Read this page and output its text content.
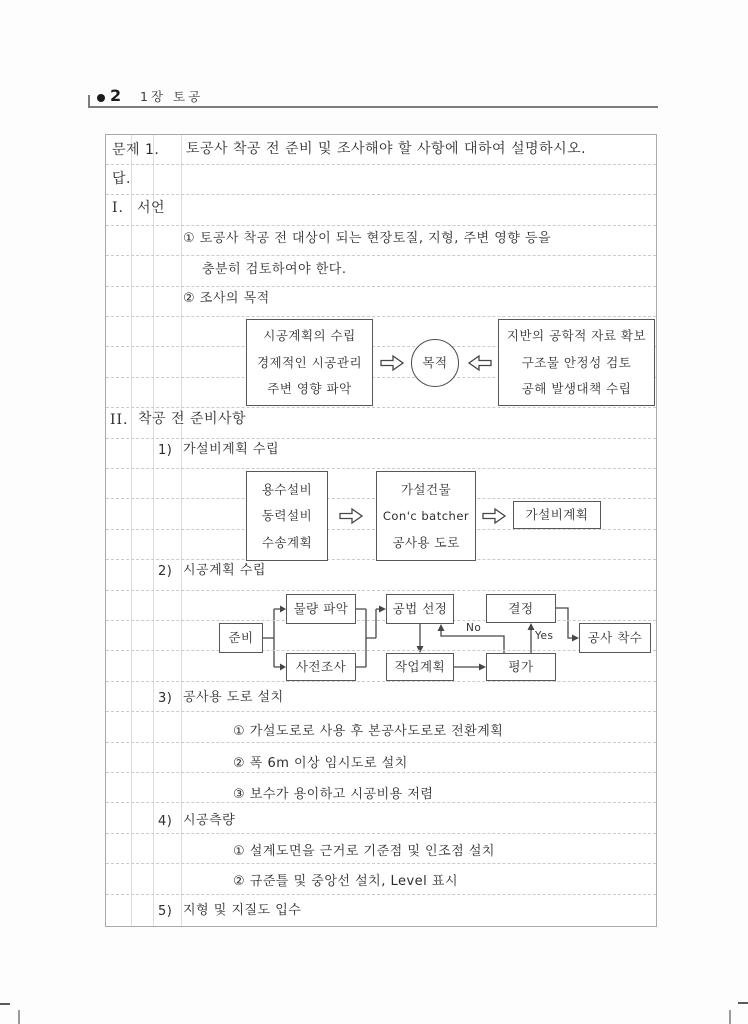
2 1장 토공
문제 1. 토공사 착공 전 준비 및 조사해야 할 사항에 대하여 설명하시오.
답.
I. 서언
① 토공사 착공 전 대상이 되는 현장토질, 지형, 주변 영향 등을
충분히 검토하여야 한다.
② 조사의 목적
시공계획의 수립
경제적인 시공관리
주변 영향 파악
목적
지반의 공학적 자료 확보
구조물 안정성 검토
공해 발생대책 수립
II. 착공 전 준비사항
1) 가설비계획 수립
용수설비
동력설비
수송계획
가설건물
Con'c batcher
공사용 도로
가설비계획
2) 시공계획 수립
준비
물량 파악
사전조사
공법 선정
작업계획
결정
평가
공사 착수
No
Yes
3) 공사용 도로 설치
① 가설도로로 사용 후 본공사도로로 전환계획
② 폭 6m 이상 임시도로 설치
③ 보수가 용이하고 시공비용 저렴
4) 시공측량
① 설계도면을 근거로 기준점 및 인조점 설치
② 규준틀 및 중앙선 설치, Level 표시
5) 지형 및 지질도 입수
